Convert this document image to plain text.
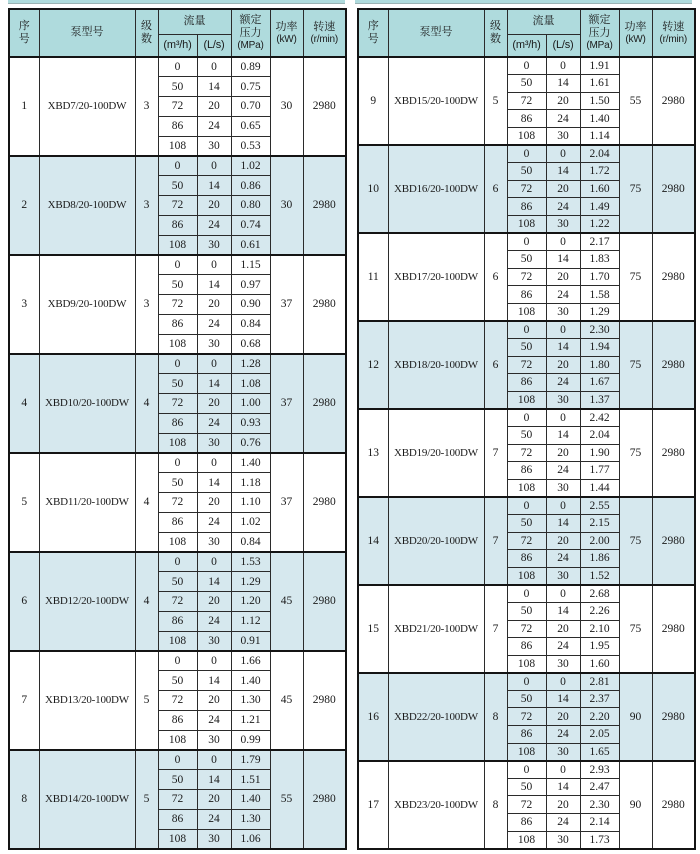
序
号	泵型号	级
数	流量		额定
压力
(MPa)	功率
(kW)	转速
(r/min)

			(m³/h)	(L/s)			
1	XBD7/20-100DW	3	0	0	0.89	30	2980
			50	14	0.75		
			72	20	0.70		
			86	24	0.65		
			108	30	0.53		
2	XBD8/20-100DW	3	0	0	1.02	30	2980
			50	14	0.86		
			72	20	0.80		
			86	24	0.74		
			108	30	0.61		
3	XBD9/20-100DW	3	0	0	1.15	37	2980
			50	14	0.97		
			72	20	0.90		
			86	24	0.84		
			108	30	0.68		
4	XBD10/20-100DW	4	0	0	1.28	37	2980
			50	14	1.08		
			72	20	1.00		
			86	24	0.93		
			108	30	0.76		
5	XBD11/20-100DW	4	0	0	1.40	37	2980
			50	14	1.18		
			72	20	1.10		
			86	24	1.02		
			108	30	0.84		
6	XBD12/20-100DW	4	0	0	1.53	45	2980
			50	14	1.29		
			72	20	1.20		
			86	24	1.12		
			108	30	0.91		
7	XBD13/20-100DW	5	0	0	1.66	45	2980
			50	14	1.40		
			72	20	1.30		
			86	24	1.21		
			108	30	0.99		
8	XBD14/20-100DW	5	0	0	1.79	55	2980
			50	14	1.51		
			72	20	1.40		
			86	24	1.30		
			108	30	1.06		
序
号	泵型号	级
数	流量		额定
压力
(MPa)	功率
(kW)	转速
(r/min)

			(m³/h)	(L/s)			
9	XBD15/20-100DW	5	0	0	1.91	55	2980
			50	14	1.61		
			72	20	1.50		
			86	24	1.40		
			108	30	1.14		
10	XBD16/20-100DW	6	0	0	2.04	75	2980
			50	14	1.72		
			72	20	1.60		
			86	24	1.49		
			108	30	1.22		
11	XBD17/20-100DW	6	0	0	2.17	75	2980
			50	14	1.83		
			72	20	1.70		
			86	24	1.58		
			108	30	1.29		
12	XBD18/20-100DW	6	0	0	2.30	75	2980
			50	14	1.94		
			72	20	1.80		
			86	24	1.67		
			108	30	1.37		
13	XBD19/20-100DW	7	0	0	2.42	75	2980
			50	14	2.04		
			72	20	1.90		
			86	24	1.77		
			108	30	1.44		
14	XBD20/20-100DW	7	0	0	2.55	75	2980
			50	14	2.15		
			72	20	2.00		
			86	24	1.86		
			108	30	1.52		
15	XBD21/20-100DW	7	0	0	2.68	75	2980
			50	14	2.26		
			72	20	2.10		
			86	24	1.95		
			108	30	1.60		
16	XBD22/20-100DW	8	0	0	2.81	90	2980
			50	14	2.37		
			72	20	2.20		
			86	24	2.05		
			108	30	1.65		
17	XBD23/20-100DW	8	0	0	2.93	90	2980
			50	14	2.47		
			72	20	2.30		
			86	24	2.14		
			108	30	1.73		
